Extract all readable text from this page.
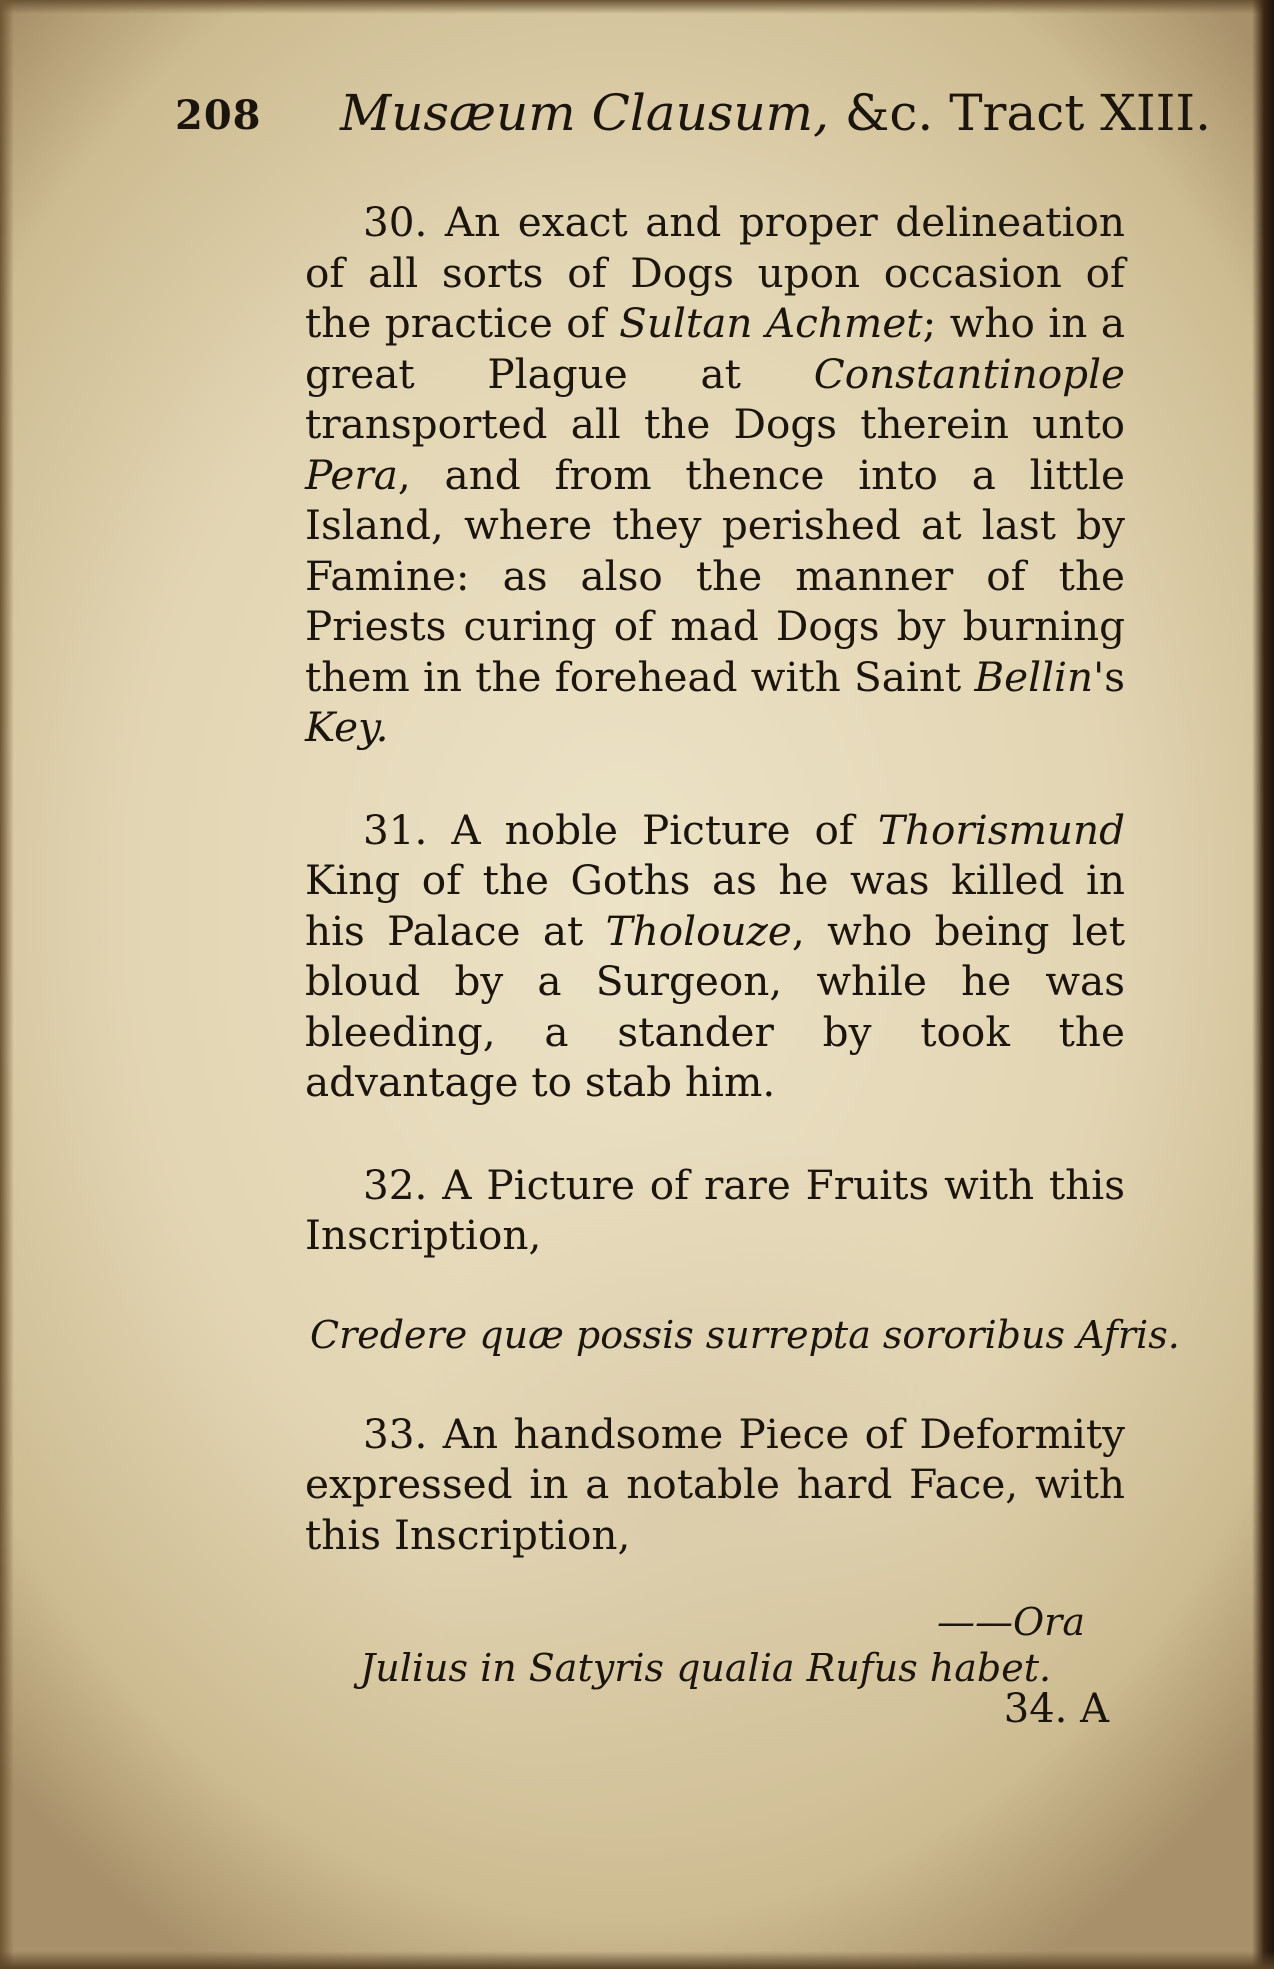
208 Musæum Clausum, &c. Tract XIII.

30. An exact and proper delineation of all sorts of Dogs upon occasion of the practice of Sultan Achmet; who in a great Plague at Constantinople transported all the Dogs therein unto Pera, and from thence into a little Island, where they perished at last by Famine: as also the manner of the Priests curing of mad Dogs by burning them in the forehead with Saint Bellin's Key.

31. A noble Picture of Thorismund King of the Goths as he was killed in his Palace at Tholouze, who being let bloud by a Surgeon, while he was bleeding, a stander by took the advantage to stab him.

32. A Picture of rare Fruits with this Inscription,

Credere quæ possis surrepta sororibus Afris.

33. An handsome Piece of Deformity expressed in a notable hard Face, with this Inscription,

——Ora
Julius in Satyris qualia Rufus habet.
34. A
